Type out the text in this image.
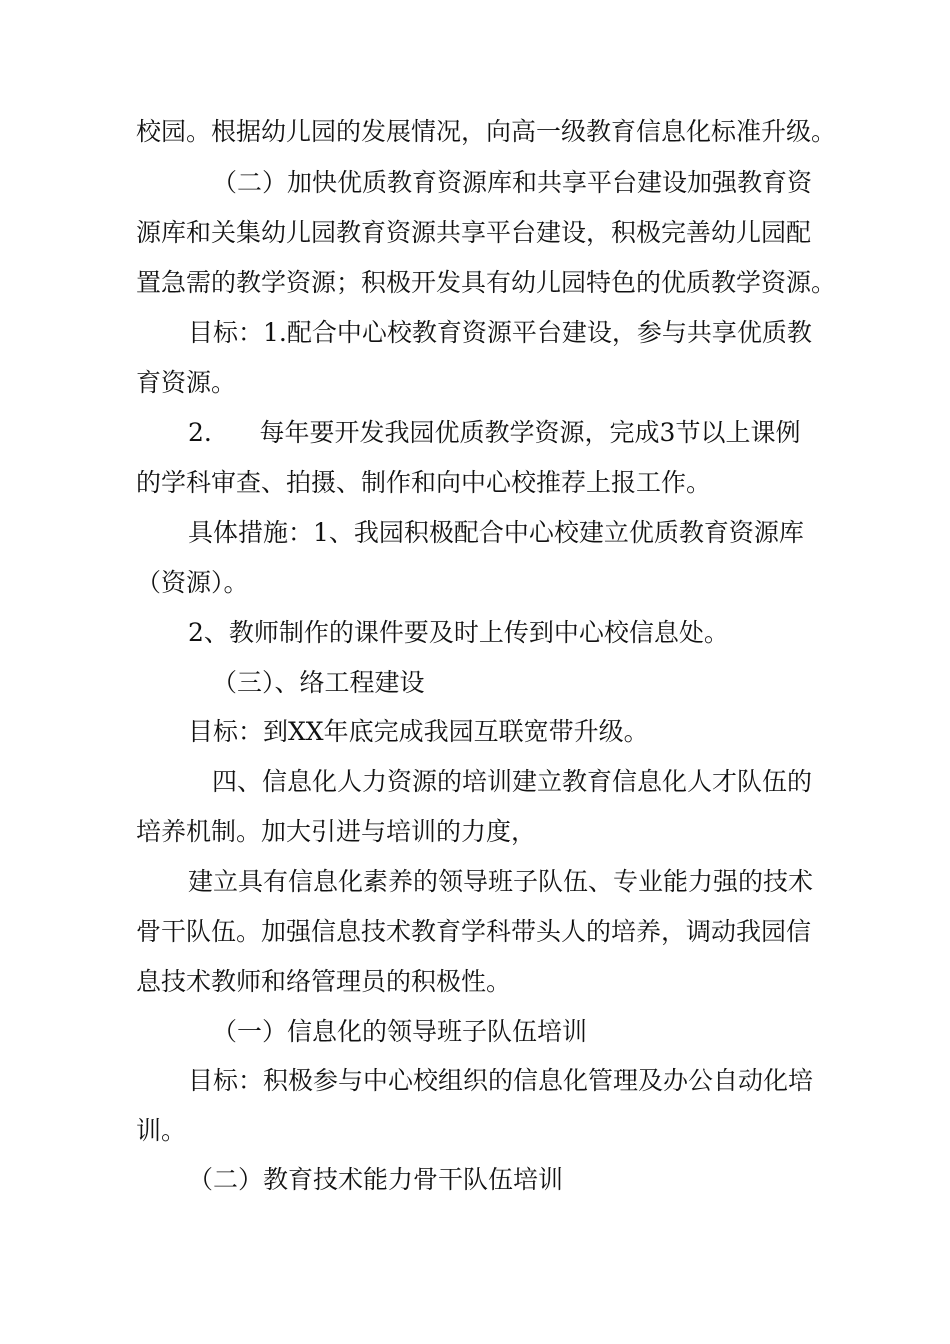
校园。根据幼儿园的发展情况，向高一级教育信息化标准升级。

（二）加快优质教育资源库和共享平台建设加强教育资

源库和关集幼儿园教育资源共享平台建设，积极完善幼儿园配

置急需的教学资源；积极开发具有幼儿园特色的优质教学资源。

目标：1.配合中心校教育资源平台建设，参与共享优质教

育资源。

2.      每年要开发我园优质教学资源，完成3节以上课例

的学科审查、拍摄、制作和向中心校推荐上报工作。

具体措施：1、我园积极配合中心校建立优质教育资源库

（资源）。

2、教师制作的课件要及时上传到中心校信息处。

（三）、络工程建设

目标：到XX年底完成我园互联宽带升级。

四、信息化人力资源的培训建立教育信息化人才队伍的

培养机制。加大引进与培训的力度，

建立具有信息化素养的领导班子队伍、专业能力强的技术

骨干队伍。加强信息技术教育学科带头人的培养，调动我园信

息技术教师和络管理员的积极性。

（一）信息化的领导班子队伍培训

目标：积极参与中心校组织的信息化管理及办公自动化培

训。

（二）教育技术能力骨干队伍培训
